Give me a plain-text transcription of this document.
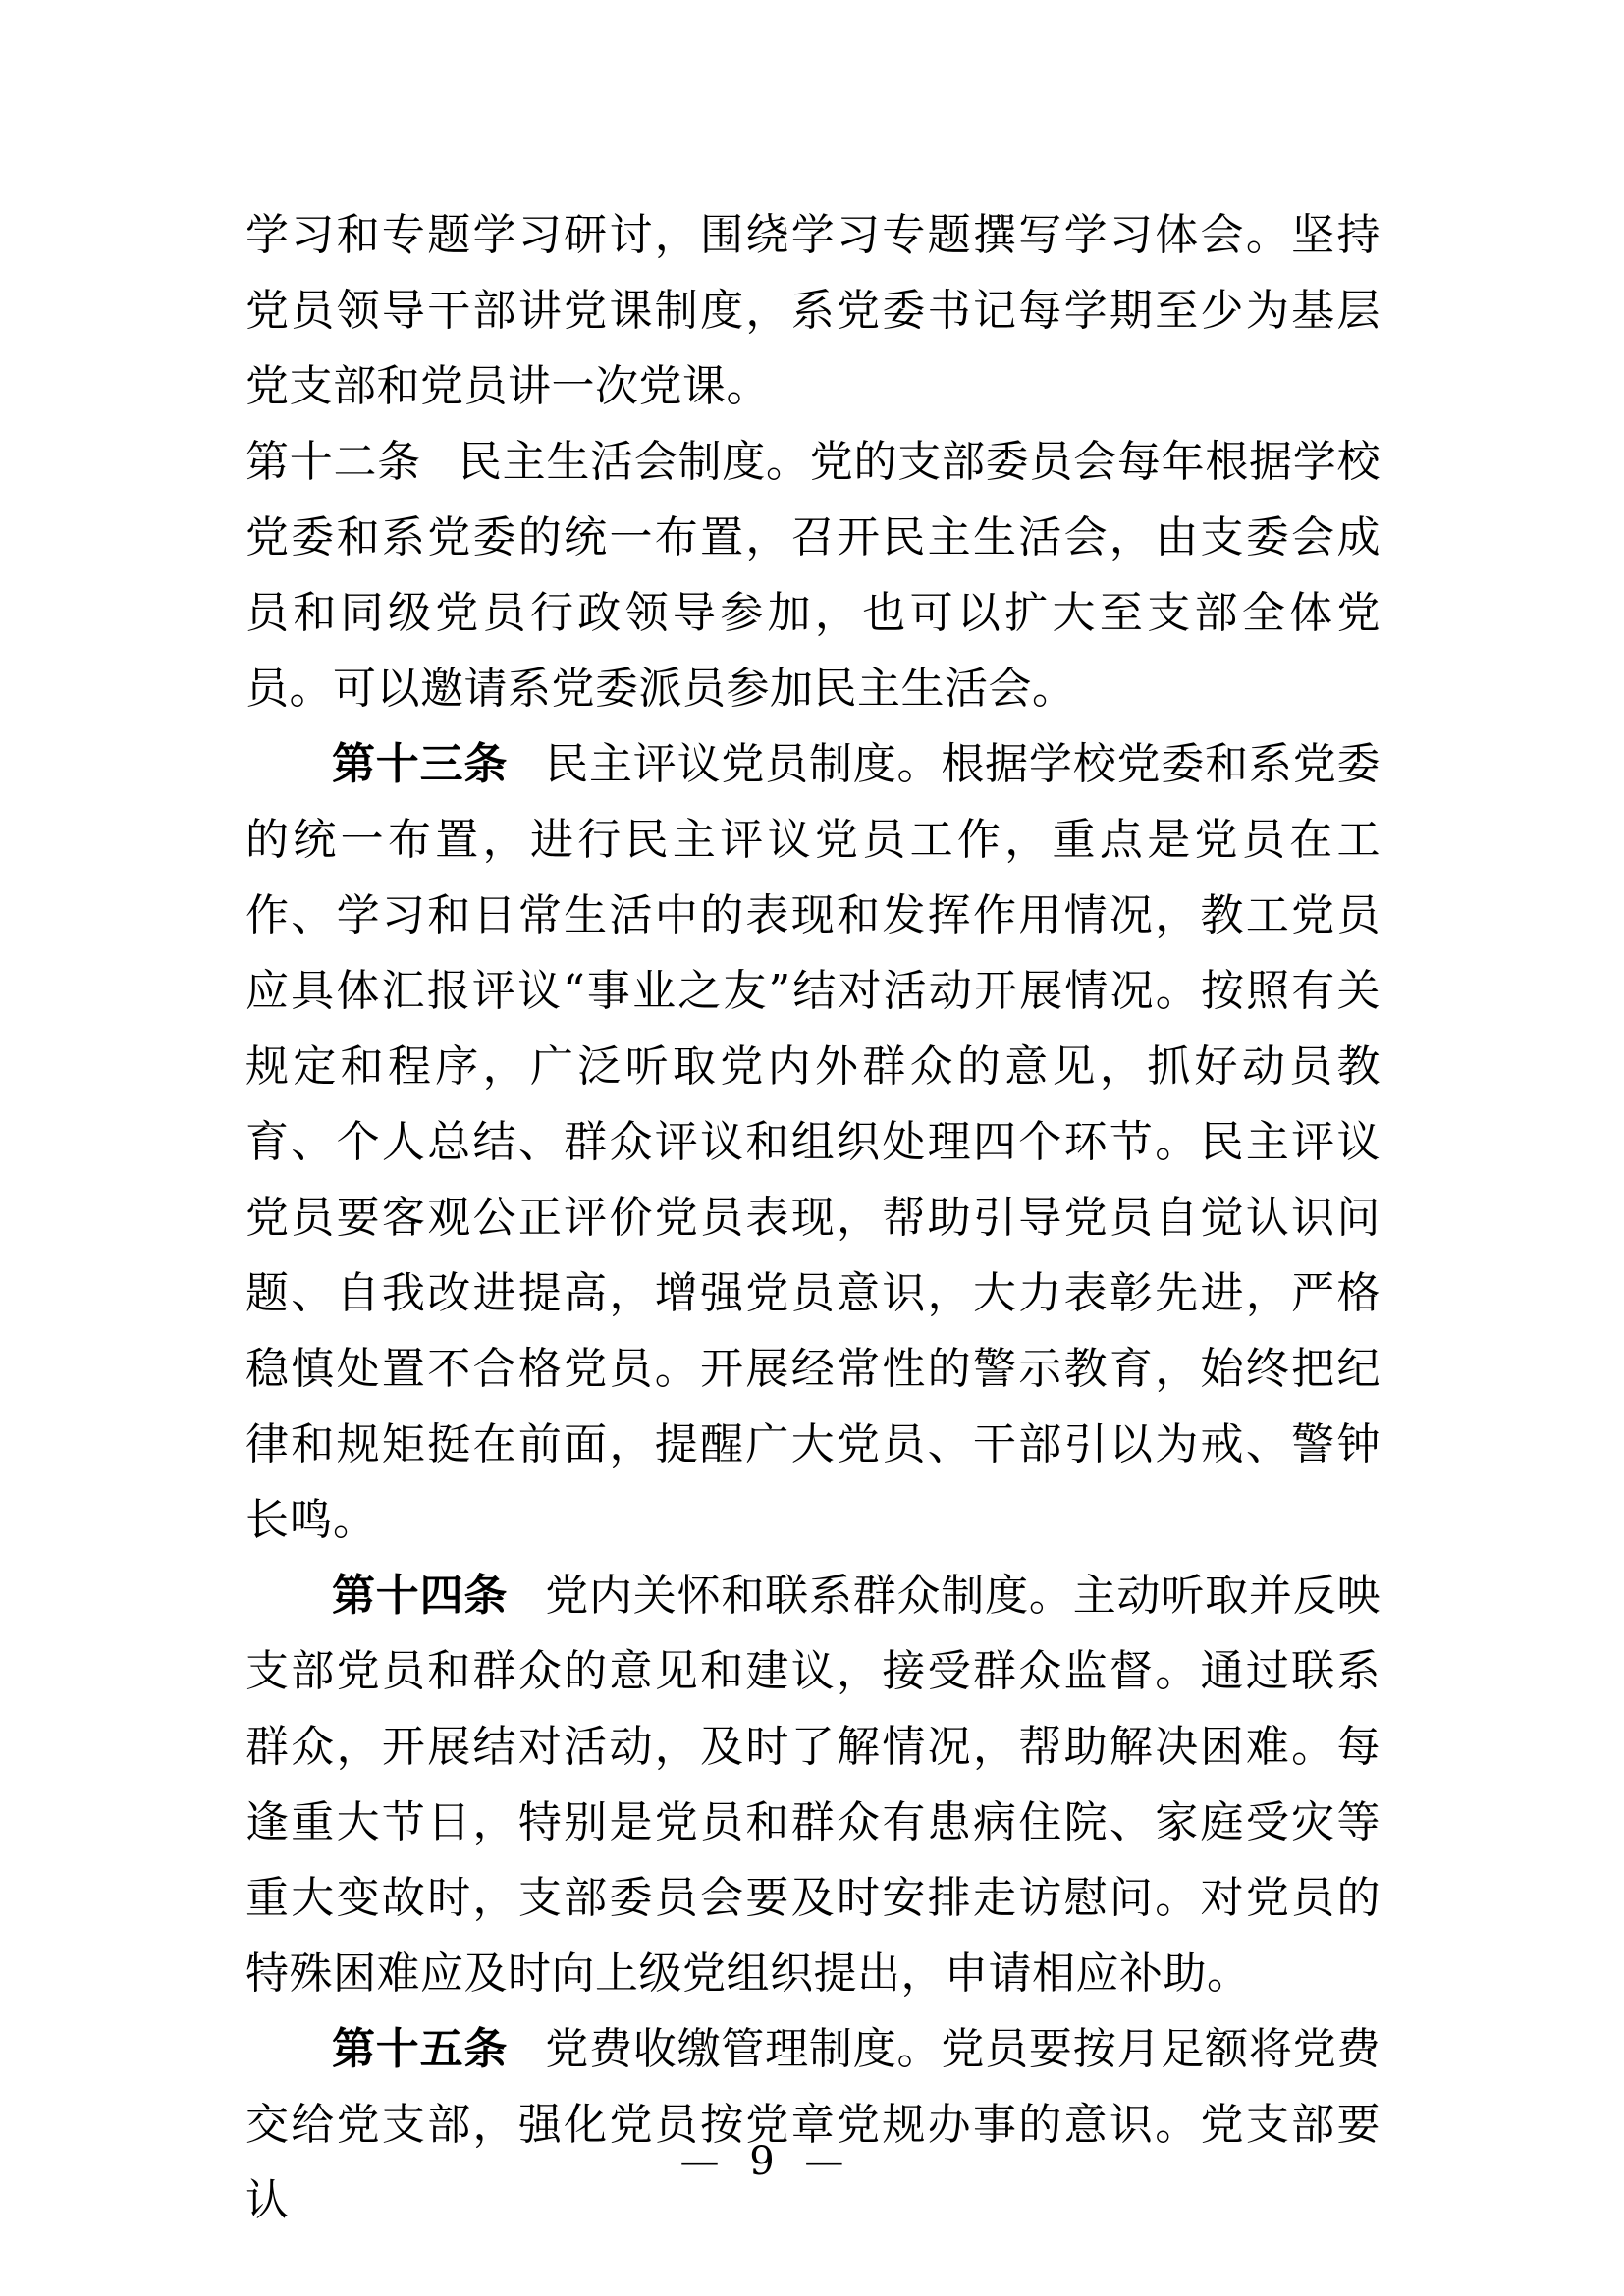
学习和专题学习研讨，围绕学习专题撰写学习体会。坚持党员领导干部讲党课制度，系党委书记每学期至少为基层党支部和党员讲一次党课。

第十二条 民主生活会制度。党的支部委员会每年根据学校党委和系党委的统一布置，召开民主生活会，由支委会成员和同级党员行政领导参加，也可以扩大至支部全体党员。可以邀请系党委派员参加民主生活会。

第十三条 民主评议党员制度。根据学校党委和系党委的统一布置，进行民主评议党员工作，重点是党员在工作、学习和日常生活中的表现和发挥作用情况，教工党员应具体汇报评议“事业之友”结对活动开展情况。按照有关规定和程序，广泛听取党内外群众的意见，抓好动员教育、个人总结、群众评议和组织处理四个环节。民主评议党员要客观公正评价党员表现，帮助引导党员自觉认识问题、自我改进提高，增强党员意识，大力表彰先进，严格稳慎处置不合格党员。开展经常性的警示教育，始终把纪律和规矩挺在前面，提醒广大党员、干部引以为戒、警钟长鸣。

第十四条 党内关怀和联系群众制度。主动听取并反映支部党员和群众的意见和建议，接受群众监督。通过联系群众，开展结对活动，及时了解情况，帮助解决困难。每逢重大节日，特别是党员和群众有患病住院、家庭受灾等重大变故时，支部委员会要及时安排走访慰问。对党员的特殊困难应及时向上级党组织提出，申请相应补助。

第十五条 党费收缴管理制度。党员要按月足额将党费交给党支部，强化党员按党章党规办事的意识。党支部要认

— 9 —
